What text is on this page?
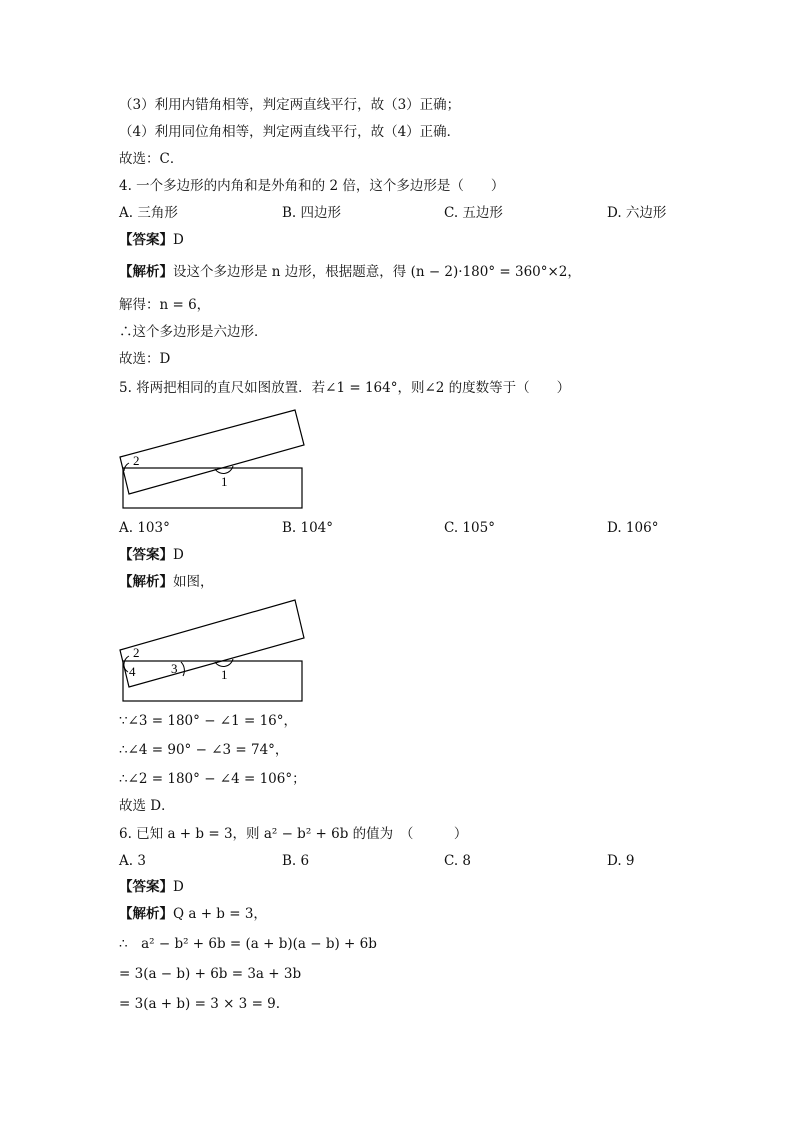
（3）利用内错角相等，判定两直线平行，故（3）正确；
（4）利用同位角相等，判定两直线平行，故（4）正确．
故选：C．
4. 一个多边形的内角和是外角和的 2 倍，这个多边形是（　　）
A. 三角形	B. 四边形	C. 五边形	D. 六边形
【答案】D
【解析】设这个多边形是 n 边形，根据题意，得 (n − 2)·180° = 360°×2，
解得：n = 6，
∴这个多边形是六边形．
故选：D
5. 将两把相同的直尺如图放置．若∠1 = 164°，则∠2 的度数等于（　　）
2
1
A. 103°	B. 104°	C. 105°	D. 106°
【答案】D
【解析】如图，
2
4	3	1
∵∠3 = 180° − ∠1 = 16°，
∴∠4 = 90° − ∠3 = 74°，
∴∠2 = 180° − ∠4 = 106°；
故选 D．
6. 已知 a + b = 3，则 a² − b² + 6b 的值为　（　　　）
A. 3	B. 6	C. 8	D. 9
【答案】D
【解析】Q a + b = 3，
∴　a² − b² + 6b = (a + b)(a − b) + 6b
= 3(a − b) + 6b = 3a + 3b
= 3(a + b) = 3 × 3 = 9.
